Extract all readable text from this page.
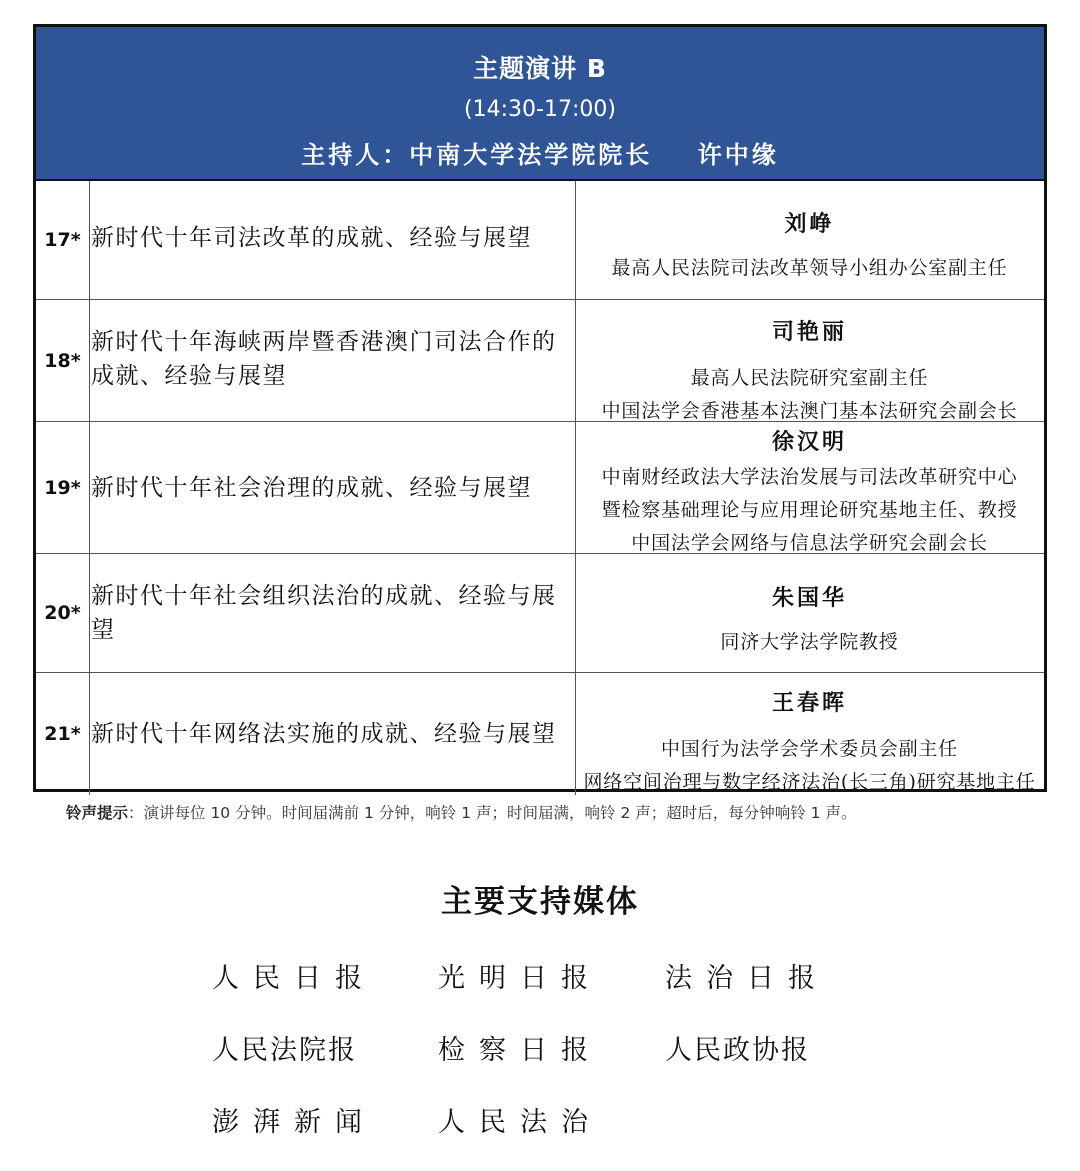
主题演讲 B
(14:30-17:00)
主持人：中南大学法学院院长    许中缘
17* 新时代十年司法改革的成就、经验与展望
刘峥
最高人民法院司法改革领导小组办公室副主任
18*
新时代十年海峡两岸暨香港澳门司法合作的成就、经验与展望
司艳丽
最高人民法院研究室副主任
中国法学会香港基本法澳门基本法研究会副会长
19* 新时代十年社会治理的成就、经验与展望
徐汉明
中南财经政法大学法治发展与司法改革研究中心
暨检察基础理论与应用理论研究基地主任、教授
中国法学会网络与信息法学研究会副会长
20*
新时代十年社会组织法治的成就、经验与展望
朱国华
同济大学法学院教授
21* 新时代十年网络法实施的成就、经验与展望
王春晖
中国行为法学会学术委员会副主任
网络空间治理与数字经济法治(长三角)研究基地主任
铃声提示：演讲每位 10 分钟。时间届满前 1 分钟，响铃 1 声；时间届满，响铃 2 声；超时后，每分钟响铃 1 声。
主要支持媒体
人民日报 光明日报 法治日报
人民法院报	检察日报 人民政协报
澎湃新闻 人民法治
